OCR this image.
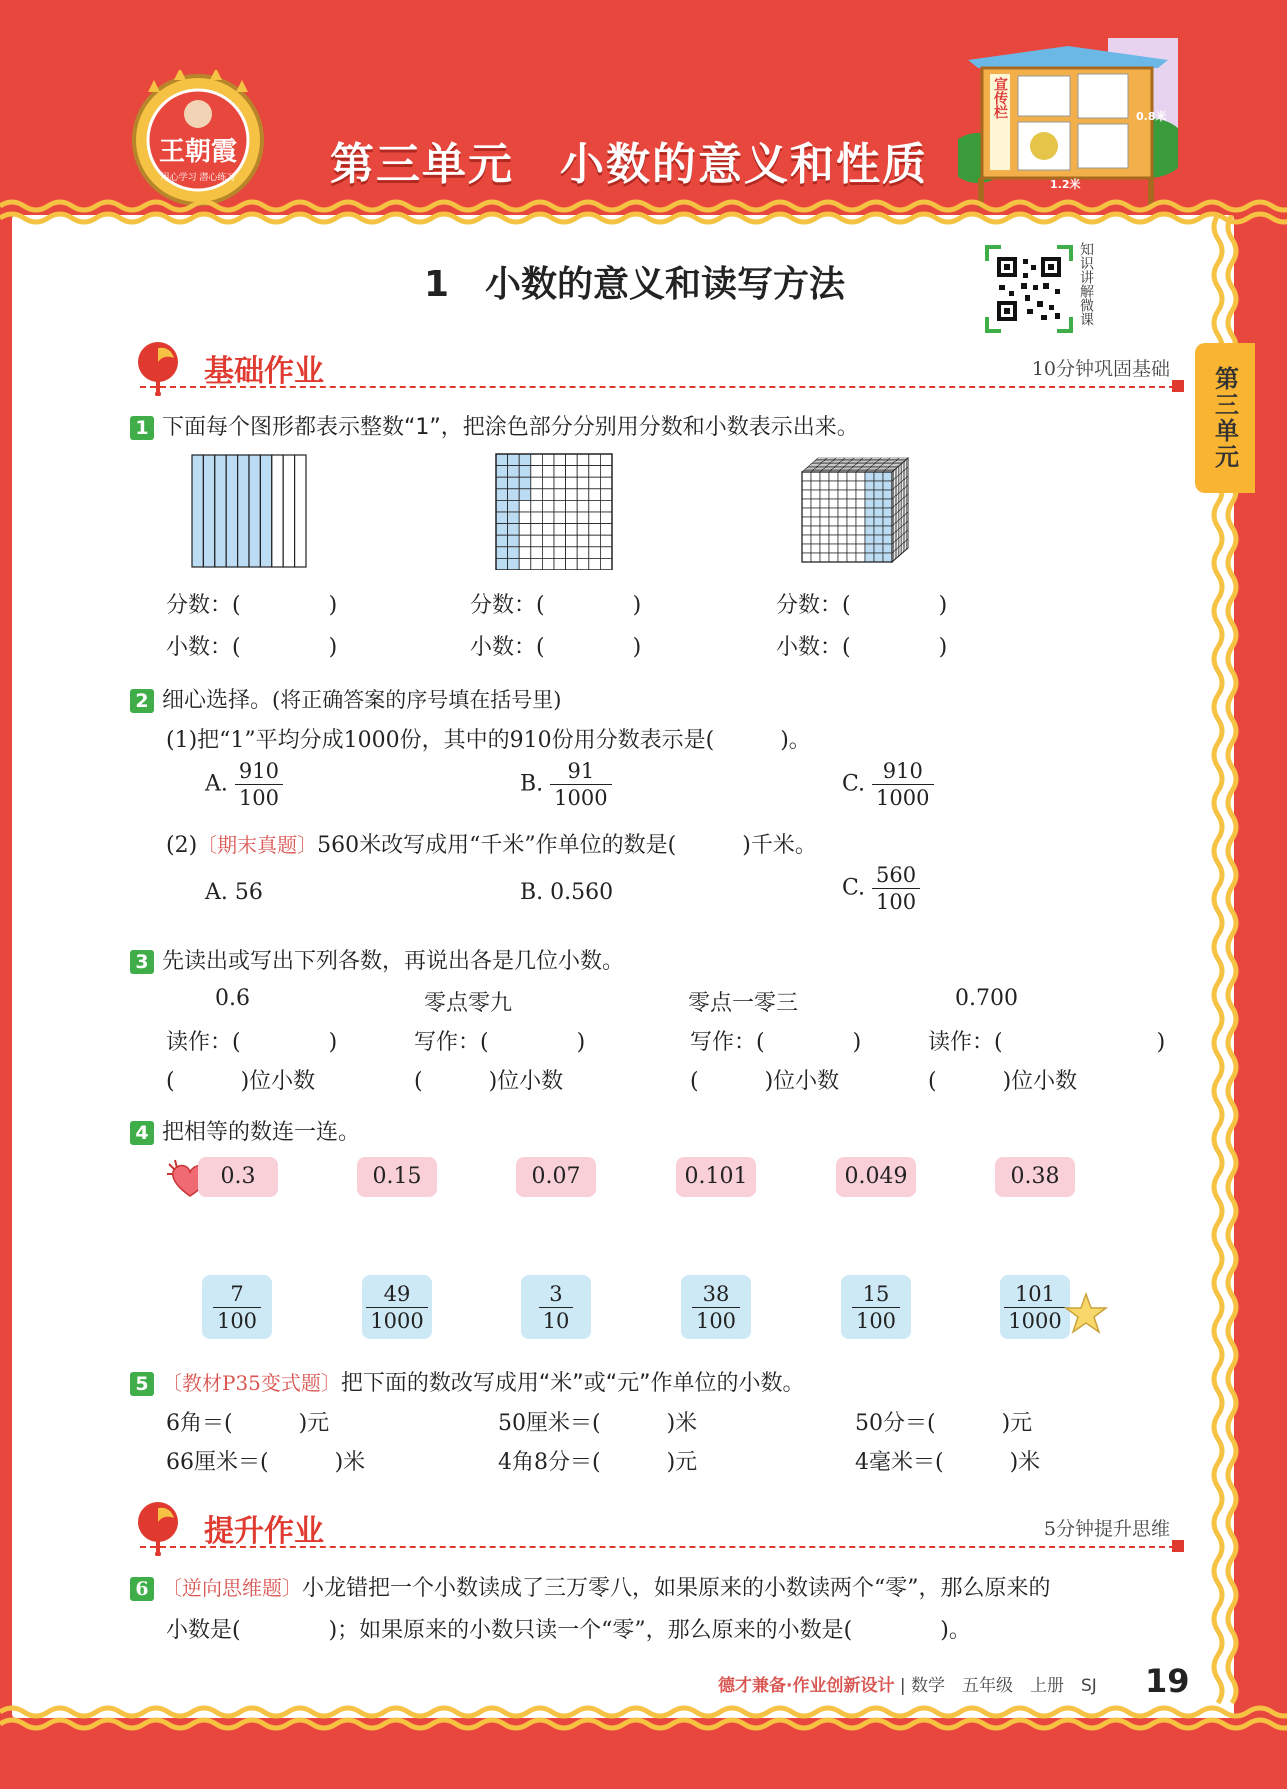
王朝霞
用心学习 潜心练习 第三单元　小数的意义和性质
宣传栏	0.8米
1.2米
第三单元
1　小数的意义和读写方法	知识讲解微课
基础作业	10分钟巩固基础
1 下面每个图形都表示整数“1”，把涂色部分分别用分数和小数表示出来。
分数：(　　　　)
小数：(　　　　)
分数：(　　　　)
小数：(　　　　)
分数：(　　　　)
小数：(　　　　)
2 细心选择。(将正确答案的序号填在括号里)
(1)把“1”平均分成1000份，其中的910份用分数表示是(　　　)。
A. $\frac{910}{100}$	B. $\frac{91}{1000}$	C. $\frac{910}{1000}$
(2)〔期末真题〕560米改写成用“千米”作单位的数是(　　　)千米。
A. 56	B. 0.560	C. $\frac{560}{100}$
3 先读出或写出下列各数，再说出各是几位小数。
0.6	零点零九	零点一零三	0.700
读作：(　　　　)	写作：(　　　　)	写作：(　　　　)	读作：(　　　　　　　)
(　　　)位小数	(　　　)位小数	(　　　)位小数	(　　　)位小数
4 把相等的数连一连。
0.3	0.15	0.07	0.101	0.049	0.38
$\frac{7}{100}$	$\frac{49}{1000}$	$\frac{3}{10}$	$\frac{38}{100}$	$\frac{15}{100}$	$\frac{101}{1000}$
5 〔教材P35变式题〕把下面的数改写成用“米”或“元”作单位的小数。
6角＝(　　　)元	50厘米＝(　　　)米	50分＝(　　　)元
66厘米＝(　　　)米	4角8分＝(　　　)元	4毫米＝(　　　)米
提升作业	5分钟提升思维
6 〔逆向思维题〕小龙错把一个小数读成了三万零八，如果原来的小数读两个“零”，那么原来的
小数是(　　　　)；如果原来的小数只读一个“零”，那么原来的小数是(　　　　)。
德才兼备·作业创新设计 | 数学　五年级　上册　SJ 19
